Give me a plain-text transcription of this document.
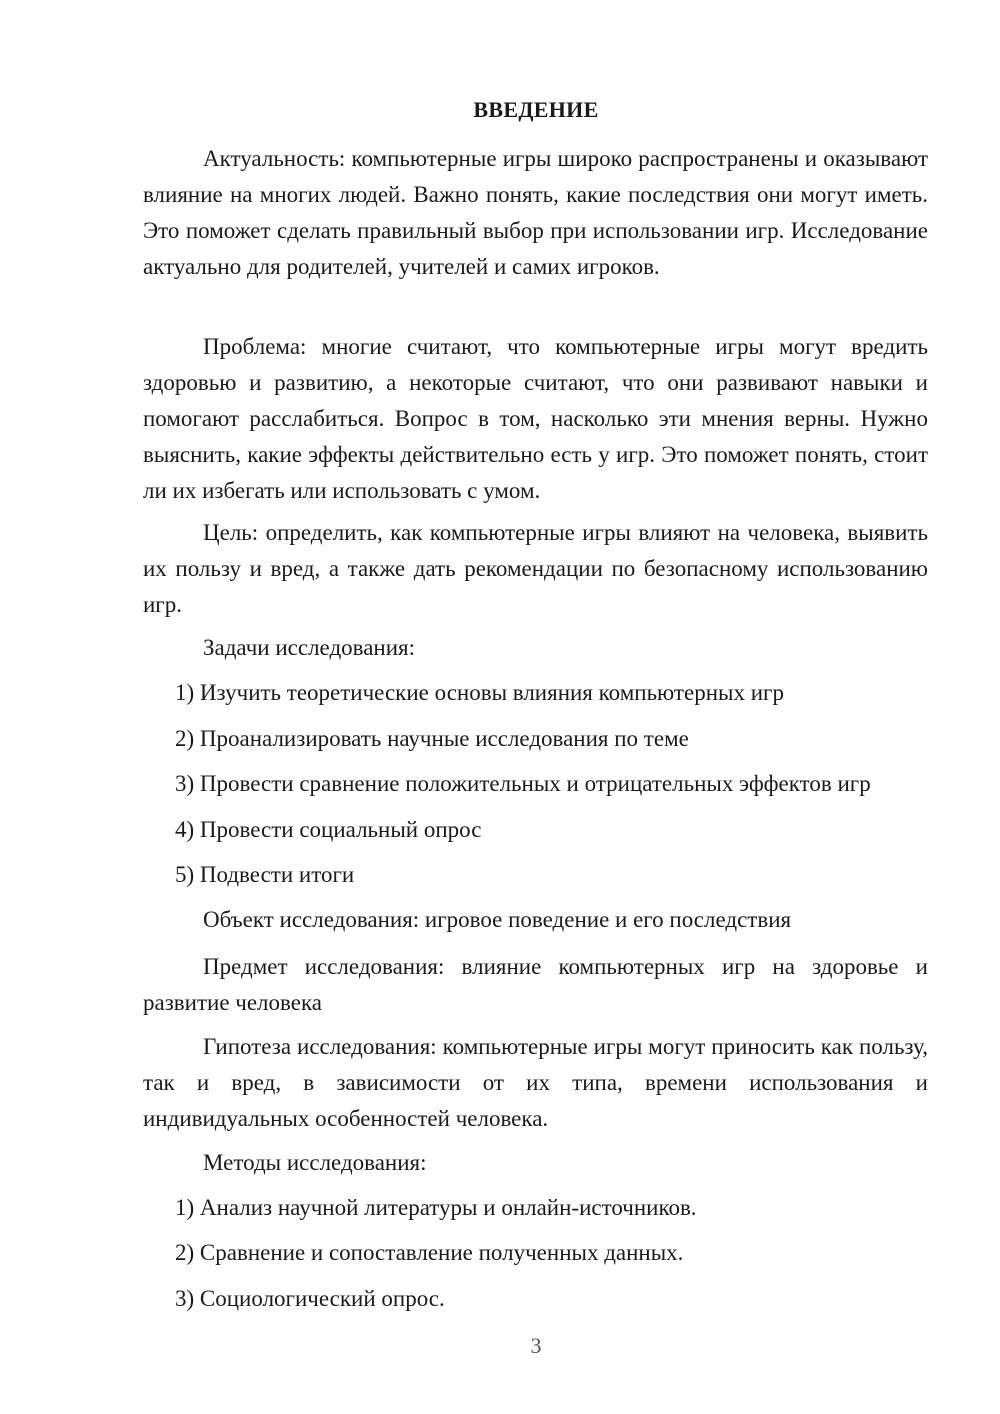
ВВЕДЕНИЕ

Актуальность: компьютерные игры широко распространены и оказывают влияние на многих людей. Важно понять, какие последствия они могут иметь. Это поможет сделать правильный выбор при использовании игр. Исследование актуально для родителей, учителей и самих игроков.

Проблема: многие считают, что компьютерные игры могут вредить здоровью и развитию, а некоторые считают, что они развивают навыки и помогают расслабиться. Вопрос в том, насколько эти мнения верны. Нужно выяснить, какие эффекты действительно есть у игр. Это поможет понять, стоит ли их избегать или использовать с умом.

Цель: определить, как компьютерные игры влияют на человека, выявить их пользу и вред, а также дать рекомендации по безопасному использованию игр.

Задачи исследования:

1) Изучить теоретические основы влияния компьютерных игр

2) Проанализировать научные исследования по теме

3) Провести сравнение положительных и отрицательных эффектов игр

4) Провести социальный опрос

5) Подвести итоги

Объект исследования: игровое поведение и его последствия

Предмет исследования: влияние компьютерных игр на здоровье и развитие человека

Гипотеза исследования: компьютерные игры могут приносить как пользу, так и вред, в зависимости от их типа, времени использования и индивидуальных особенностей человека.

Методы исследования:

1) Анализ научной литературы и онлайн-источников.

2) Сравнение и сопоставление полученных данных.

3) Социологический опрос.

3
